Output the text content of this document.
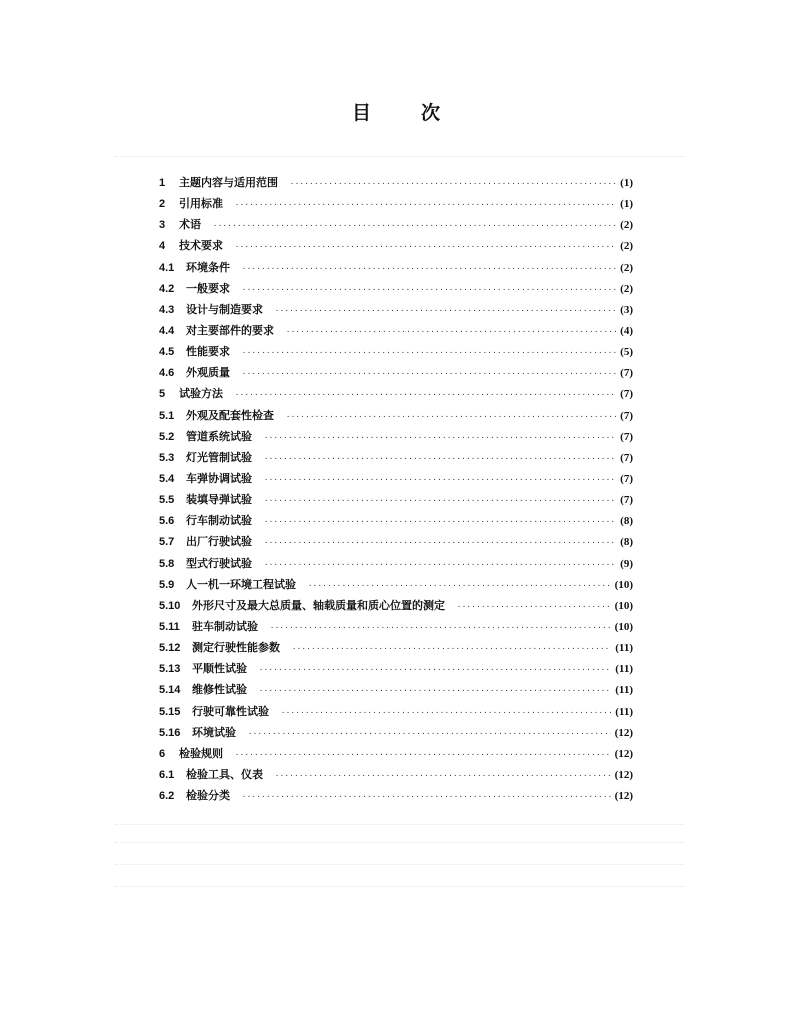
目	次
1	主题内容与适用范围 ·····	(1)
2	引用标准 ·····	(1)
3	术语 ·····	(2)
4	技术要求 ·····	(2)
4.1	环境条件 ·····	(2)
4.2	一般要求 ·····	(2)
4.3	设计与制造要求 ·····	(3)
4.4	对主要部件的要求 ·····	(4)
4.5	性能要求 ·····	(5)
4.6	外观质量 ·····	(7)
5	试验方法 ·····	(7)
5.1	外观及配套性检查 ·····	(7)
5.2	管道系统试验 ·····	(7)
5.3	灯光管制试验 ·····	(7)
5.4	车弹协调试验 ·····	(7)
5.5	装填导弹试验 ·····	(7)
5.6	行车制动试验 ·····	(8)
5.7	出厂行驶试验 ·····	(8)
5.8	型式行驶试验 ·····	(9)
5.9	人一机一环境工程试验 ·····	(10)
5.10	外形尺寸及最大总质量、轴载质量和质心位置的测定 ·····	(10)
5.11	驻车制动试验 ·····	(10)
5.12	测定行驶性能参数 ·····	(11)
5.13	平顺性试验 ·····	(11)
5.14	维修性试验 ·····	(11)
5.15	行驶可靠性试验 ·····	(11)
5.16	环境试验 ·····	(12)
6	检验规则 ·····	(12)
6.1	检验工具、仪表 ·····	(12)
6.2	检验分类 ·····	(12)
